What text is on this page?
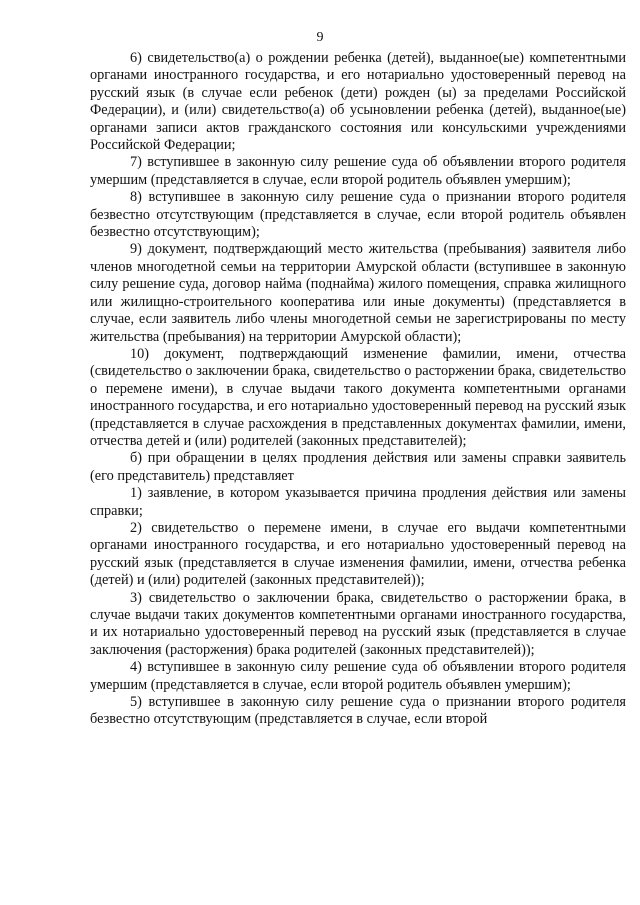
9

6) свидетельство(а) о рождении ребенка (детей), выданное(ые) компетентными органами иностранного государства, и его нотариально удостоверенный перевод на русский язык (в случае если ребенок (дети) рожден (ы) за пределами Российской Федерации), и (или) свидетельство(а) об усыновлении ребенка (детей), выданное(ые) органами записи актов гражданского состояния или консульскими учреждениями Российской Федерации;

7) вступившее в законную силу решение суда об объявлении второго родителя умершим (представляется в случае, если второй родитель объявлен умершим);

8) вступившее в законную силу решение суда о признании второго родителя безвестно отсутствующим (представляется в случае, если второй родитель объявлен безвестно отсутствующим);

9) документ, подтверждающий место жительства (пребывания) заявителя либо членов многодетной семьи на территории Амурской области (вступившее в законную силу решение суда, договор найма (поднайма) жилого помещения, справка жилищного или жилищно-строительного кооператива или иные документы) (представляется в случае, если заявитель либо члены многодетной семьи не зарегистрированы по месту жительства (пребывания) на территории Амурской области);

10) документ, подтверждающий изменение фамилии, имени, отчества (свидетельство о заключении брака, свидетельство о расторжении брака, свидетельство о перемене имени), в случае выдачи такого документа компетентными органами иностранного государства, и его нотариально удостоверенный перевод на русский язык (представляется в случае расхождения в представленных документах фамилии, имени, отчества детей и (или) родителей (законных представителей);

б) при обращении в целях продления действия или замены справки заявитель (его представитель) представляет

1) заявление, в котором указывается причина продления действия или замены справки;

2) свидетельство о перемене имени, в случае его выдачи компетентными органами иностранного государства, и его нотариально удостоверенный перевод на русский язык (представляется в случае изменения фамилии, имени, отчества ребенка (детей) и (или) родителей (законных представителей));

3) свидетельство о заключении брака, свидетельство о расторжении брака, в случае выдачи таких документов компетентными органами иностранного государства, и их нотариально удостоверенный перевод на русский язык (представляется в случае заключения (расторжения) брака родителей (законных представителей));

4) вступившее в законную силу решение суда об объявлении второго родителя умершим (представляется в случае, если второй родитель объявлен умершим);

5) вступившее в законную силу решение суда о признании второго родителя безвестно отсутствующим (представляется в случае, если второй
